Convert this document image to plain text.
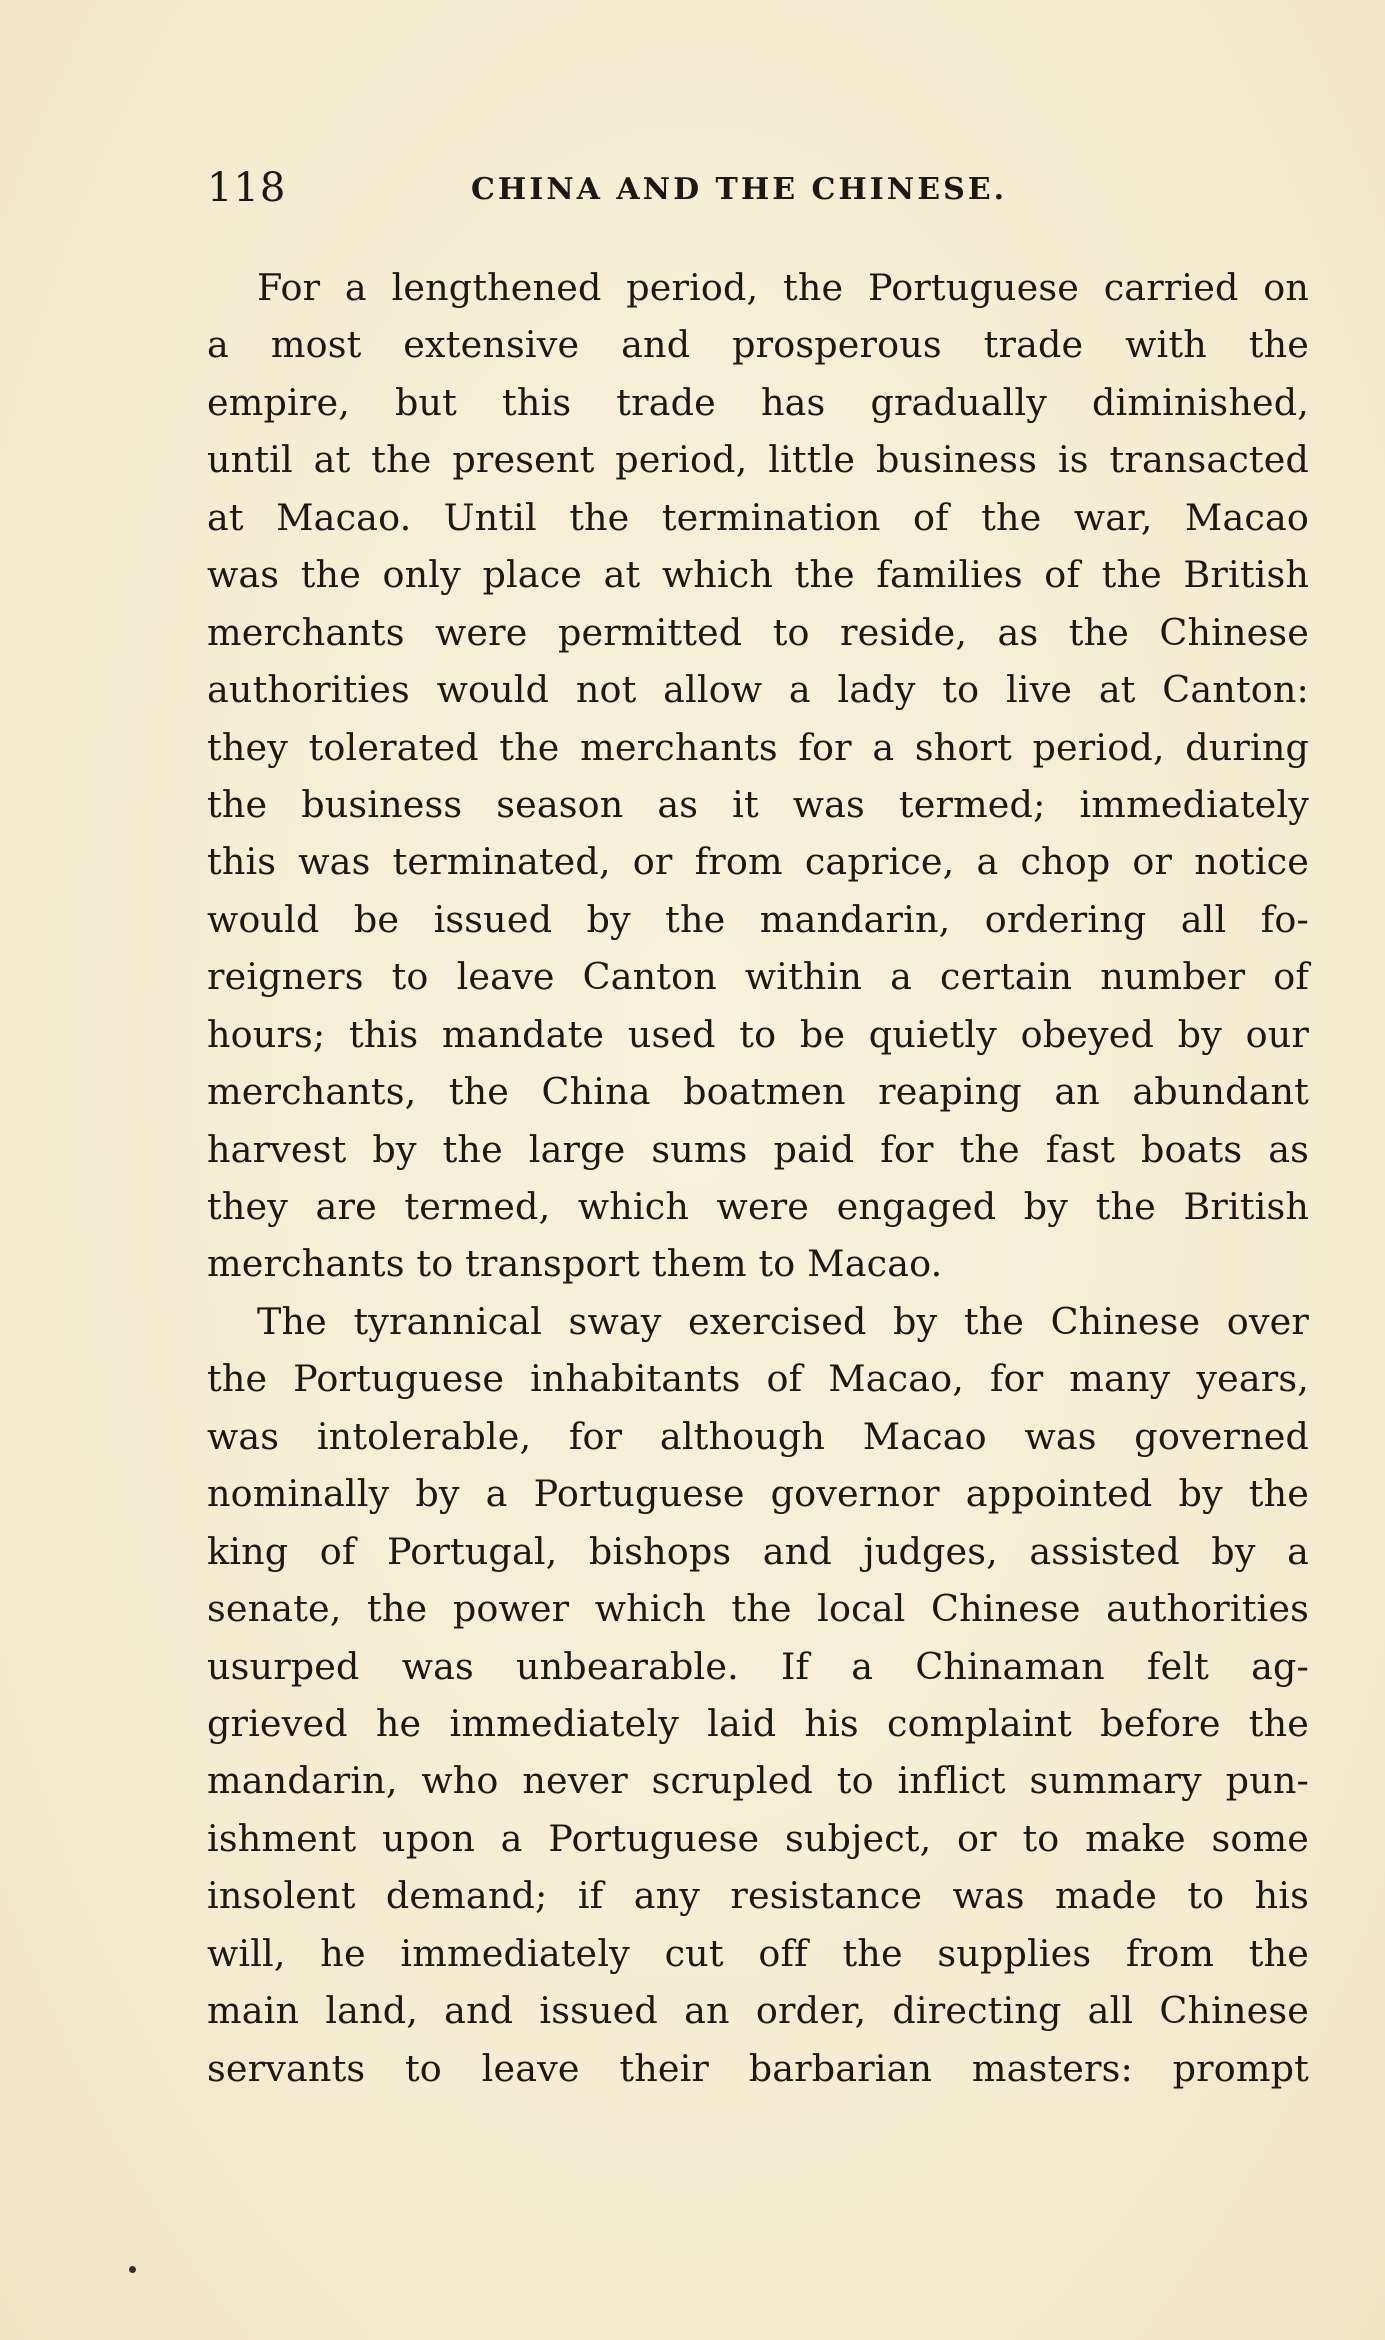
118	CHINA AND THE CHINESE.
For a lengthened period, the Portuguese carried on
a most extensive and prosperous trade with the
empire, but this trade has gradually diminished,
until at the present period, little business is transacted
at Macao. Until the termination of the war, Macao
was the only place at which the families of the British
merchants were permitted to reside, as the Chinese
authorities would not allow a lady to live at Canton:
they tolerated the merchants for a short period, during
the business season as it was termed; immediately
this was terminated, or from caprice, a chop or notice
would be issued by the mandarin, ordering all fo-
reigners to leave Canton within a certain number of
hours; this mandate used to be quietly obeyed by our
merchants, the China boatmen reaping an abundant
harvest by the large sums paid for the fast boats as
they are termed, which were engaged by the British
merchants to transport them to Macao.
The tyrannical sway exercised by the Chinese over
the Portuguese inhabitants of Macao, for many years,
was intolerable, for although Macao was governed
nominally by a Portuguese governor appointed by the
king of Portugal, bishops and judges, assisted by a
senate, the power which the local Chinese authorities
usurped was unbearable. If a Chinaman felt ag-
grieved he immediately laid his complaint before the
mandarin, who never scrupled to inflict summary pun-
ishment upon a Portuguese subject, or to make some
insolent demand; if any resistance was made to his
will, he immediately cut off the supplies from the
main land, and issued an order, directing all Chinese
servants to leave their barbarian masters: prompt
